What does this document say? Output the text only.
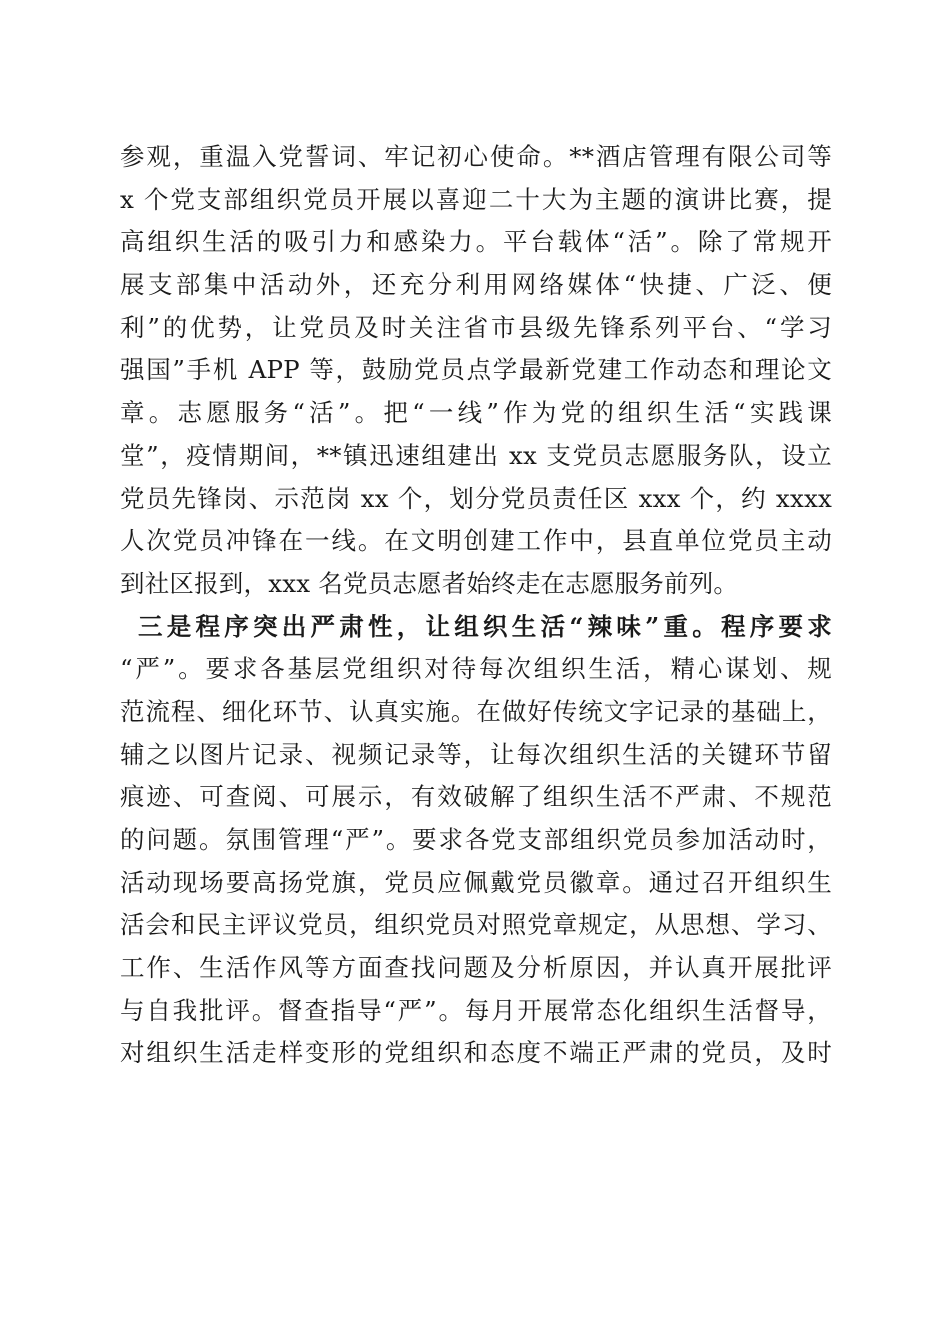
参观，重温入党誓词、牢记初心使命。**酒店管理有限公司等
x 个党支部组织党员开展以喜迎二十大为主题的演讲比赛，提
高组织生活的吸引力和感染力。平台载体“活”。除了常规开
展支部集中活动外，还充分利用网络媒体“快捷、广泛、便
利”的优势，让党员及时关注省市县级先锋系列平台、“学习
强国”手机 APP 等，鼓励党员点学最新党建工作动态和理论文
章。志愿服务“活”。把“一线”作为党的组织生活“实践课
堂”，疫情期间，**镇迅速组建出 xx 支党员志愿服务队，设立
党员先锋岗、示范岗 xx 个，划分党员责任区 xxx 个，约 xxxx
人次党员冲锋在一线。在文明创建工作中，县直单位党员主动
到社区报到，xxx 名党员志愿者始终走在志愿服务前列。
三是程序突出严肃性，让组织生活“辣味”重。程序要求
“严”。要求各基层党组织对待每次组织生活，精心谋划、规
范流程、细化环节、认真实施。在做好传统文字记录的基础上，
辅之以图片记录、视频记录等，让每次组织生活的关键环节留
痕迹、可查阅、可展示，有效破解了组织生活不严肃、不规范
的问题。氛围管理“严”。要求各党支部组织党员参加活动时，
活动现场要高扬党旗，党员应佩戴党员徽章。通过召开组织生
活会和民主评议党员，组织党员对照党章规定，从思想、学习、
工作、生活作风等方面查找问题及分析原因，并认真开展批评
与自我批评。督查指导“严”。每月开展常态化组织生活督导，
对组织生活走样变形的党组织和态度不端正严肃的党员，及时
